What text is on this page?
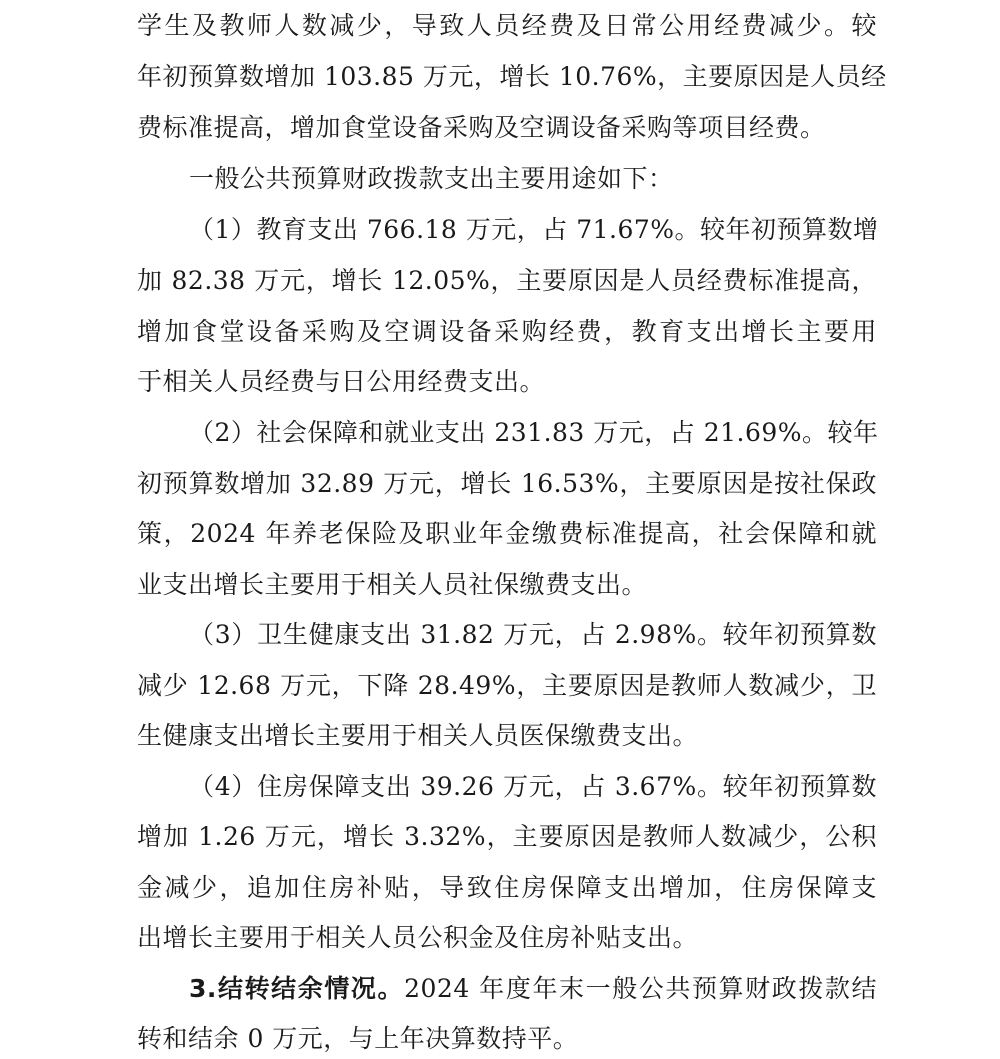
学生及教师人数减少，导致人员经费及日常公用经费减少。较
年初预算数增加 103.85 万元，增长 10.76%，主要原因是人员经
费标准提高，增加食堂设备采购及空调设备采购等项目经费。
一般公共预算财政拨款支出主要用途如下：
（1）教育支出 766.18 万元，占 71.67%。较年初预算数增
加 82.38 万元，增长 12.05%，主要原因是人员经费标准提高，
增加食堂设备采购及空调设备采购经费，教育支出增长主要用
于相关人员经费与日公用经费支出。
（2）社会保障和就业支出 231.83 万元，占 21.69%。较年
初预算数增加 32.89 万元，增长 16.53%，主要原因是按社保政
策，2024 年养老保险及职业年金缴费标准提高，社会保障和就
业支出增长主要用于相关人员社保缴费支出。
（3）卫生健康支出 31.82 万元，占 2.98%。较年初预算数
减少 12.68 万元，下降 28.49%，主要原因是教师人数减少，卫
生健康支出增长主要用于相关人员医保缴费支出。
（4）住房保障支出 39.26 万元，占 3.67%。较年初预算数
增加 1.26 万元，增长 3.32%，主要原因是教师人数减少，公积
金减少，追加住房补贴，导致住房保障支出增加，住房保障支
出增长主要用于相关人员公积金及住房补贴支出。
3.结转结余情况。2024 年度年末一般公共预算财政拨款结
转和结余 0 万元，与上年决算数持平。
